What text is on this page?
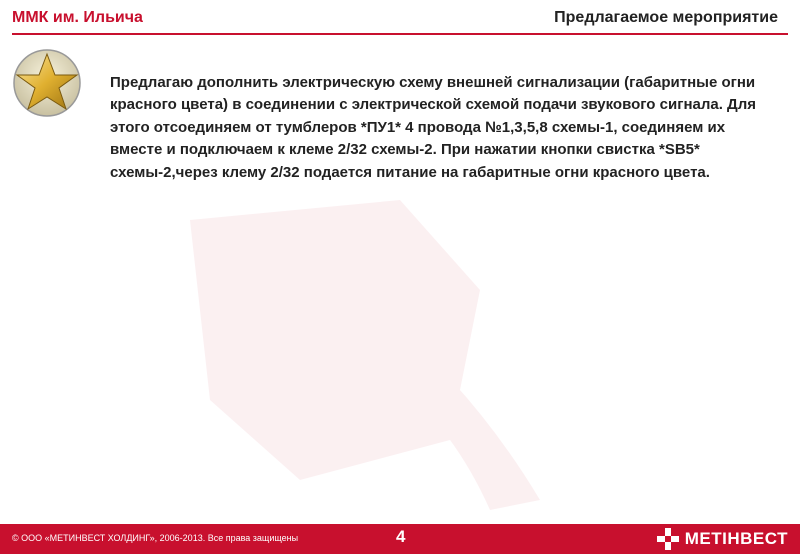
ММК им. Ильича	Предлагаемое мероприятие

Предлагаю дополнить электрическую схему внешней сигнализации (габаритные огни красного цвета) в соединении с электрической схемой подачи звукового сигнала. Для этого отсоединяем от тумблеров *ПУ1* 4 провода №1,3,5,8 схемы-1, соединяем их вместе и подключаем к клеме 2/32 схемы-2. При нажатии кнопки свистка *SB5* схемы-2,через клему 2/32 подается питание на габаритные огни красного цвета.

© ООО «МЕТИНВЕСТ ХОЛДИНГ», 2006-2013. Все права защищены	4	МЕТІНВЕСТ
